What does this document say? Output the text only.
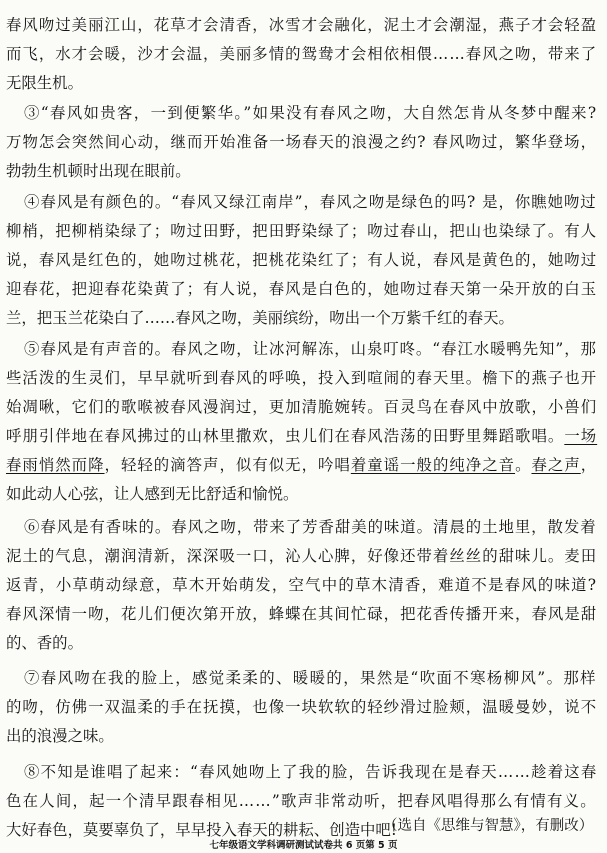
春风吻过美丽江山，花草才会清香，冰雪才会融化，泥土才会潮湿，燕子才会轻盈
而飞，水才会暖，沙才会温，美丽多情的鸳鸯才会相依相偎……春风之吻，带来了
无限生机。
③“春风如贵客，一到便繁华。”如果没有春风之吻，大自然怎肯从冬梦中醒来?
万物怎会突然间心动，继而开始准备一场春天的浪漫之约? 春风吻过，繁华登场，
勃勃生机顿时出现在眼前。
④春风是有颜色的。“春风又绿江南岸”，春风之吻是绿色的吗? 是，你瞧她吻过
柳梢，把柳梢染绿了；吻过田野，把田野染绿了；吻过春山，把山也染绿了。有人
说，春风是红色的，她吻过桃花，把桃花染红了；有人说，春风是黄色的，她吻过
迎春花，把迎春花染黄了；有人说，春风是白色的，她吻过春天第一朵开放的白玉
兰，把玉兰花染白了……春风之吻，美丽缤纷，吻出一个万紫千红的春天。
⑤春风是有声音的。春风之吻，让冰河解冻，山泉叮咚。“春江水暖鸭先知”，那
些活泼的生灵们，早早就听到春风的呼唤，投入到喧闹的春天里。檐下的燕子也开
始凋啾，它们的歌喉被春风漫润过，更加清脆婉转。百灵鸟在春风中放歌，小兽们
呼朋引伴地在春风拂过的山林里撒欢，虫儿们在春风浩荡的田野里舞蹈歌唱。一场
春雨悄然而降，轻轻的滴答声，似有似无，吟唱着童谣一般的纯净之音。春之声，
如此动人心弦，让人感到无比舒适和愉悦。
⑥春风是有香味的。春风之吻，带来了芳香甜美的味道。清晨的土地里，散发着
泥土的气息，潮润清新，深深吸一口，沁人心脾，好像还带着丝丝的甜味儿。麦田
返青，小草萌动绿意，草木开始萌发，空气中的草木清香，难道不是春风的味道?
春风深情一吻，花儿们便次第开放，蜂蝶在其间忙碌，把花香传播开来，春风是甜
的、香的。
⑦春风吻在我的脸上，感觉柔柔的、暖暖的，果然是“吹面不寒杨柳风”。那样
的吻，仿佛一双温柔的手在抚摸，也像一块软软的轻纱滑过脸颊，温暖曼妙，说不
出的浪漫之味。
⑧不知是谁唱了起来：“春风她吻上了我的脸，告诉我现在是春天……趁着这春
色在人间，起一个清早跟春相见……”歌声非常动听，把春风唱得那么有情有义。
大好春色，莫要辜负了，早早投入春天的耕耘、创造中吧!
（选自《思维与智慧》，有删改）
七年级语文学科调研测试试卷共 6 页第 5 页
